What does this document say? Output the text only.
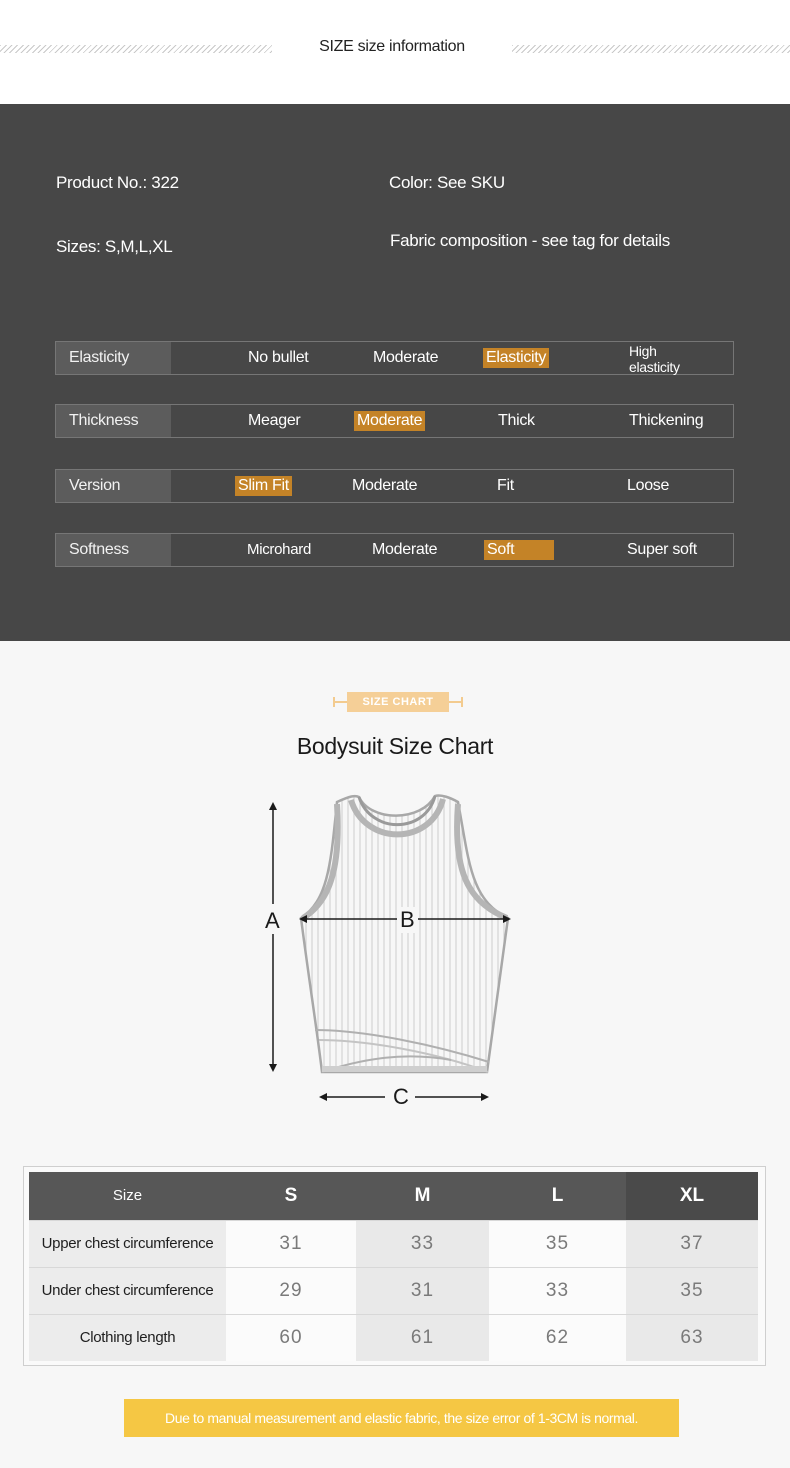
SIZE size information
Product No.: 322	Color: See SKU
Sizes: S,M,L,XL	Fabric composition - see tag for details
Elasticity	No bullet	Moderate	Elasticity	High elasticity
Thickness	Meager	Moderate	Thick	Thickening
Version	Slim Fit	Moderate	Fit	Loose
Softness	Microhard	Moderate	Soft	Super soft
SIZE CHART
Bodysuit Size Chart
A	B
C
Size	S	M	L	XL
Upper chest circumference	31	33	35	37
Under chest circumference	29	31	33	35
Clothing length	60	61	62	63
Due to manual measurement and elastic fabric, the size error of 1-3CM is normal.
